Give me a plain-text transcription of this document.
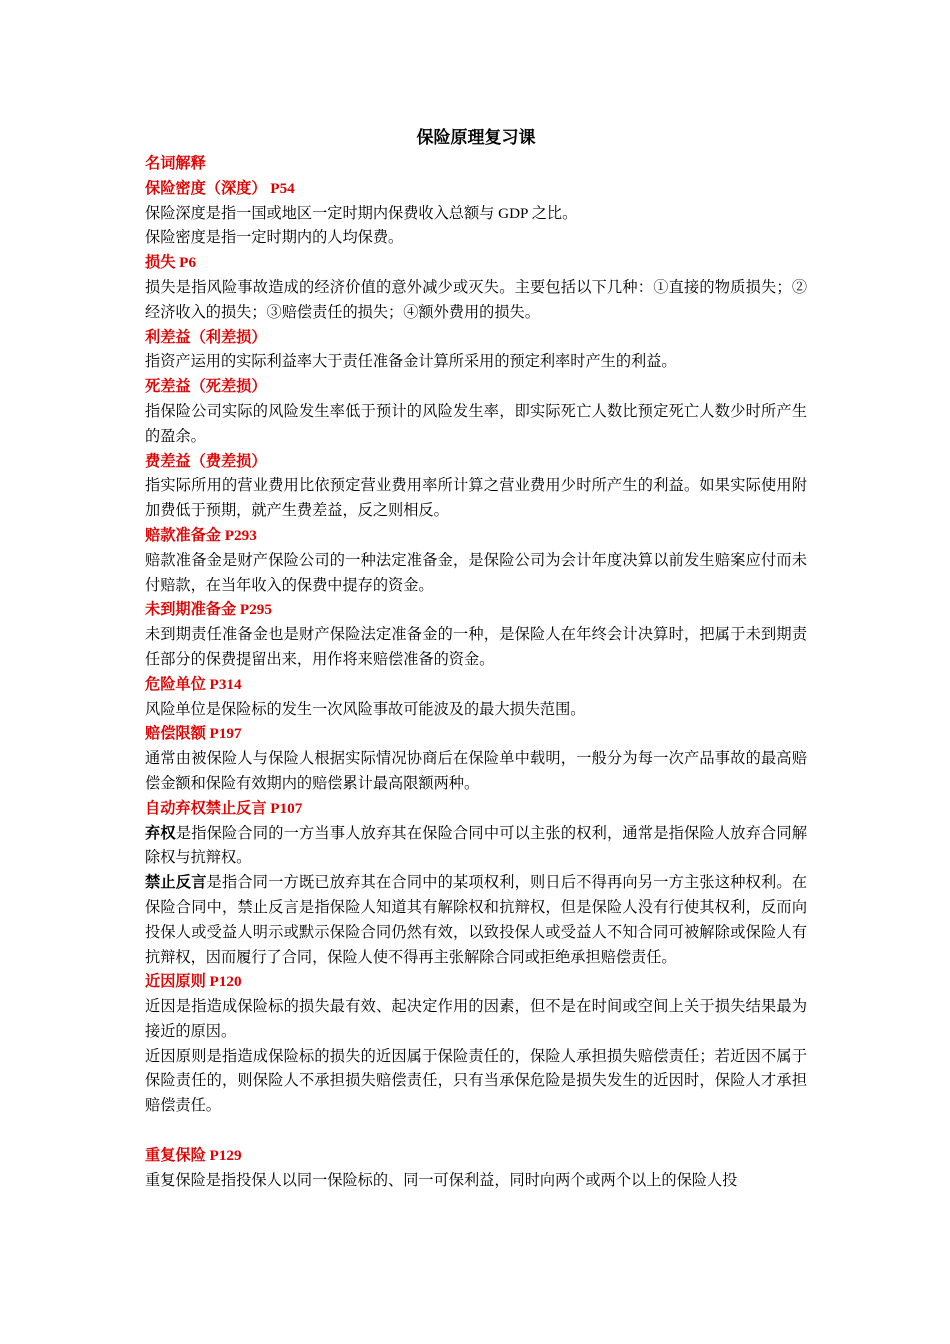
保险原理复习课
名词解释
保险密度（深度） P54
保险深度是指一国或地区一定时期内保费收入总额与 GDP 之比。
保险密度是指一定时期内的人均保费。
损失 P6
损失是指风险事故造成的经济价值的意外减少或灭失。主要包括以下几种：①直接的物质损失；②经济收入的损失；③赔偿责任的损失；④额外费用的损失。
利差益（利差损）
指资产运用的实际利益率大于责任准备金计算所采用的预定利率时产生的利益。
死差益（死差损）
指保险公司实际的风险发生率低于预计的风险发生率，即实际死亡人数比预定死亡人数少时所产生的盈余。
费差益（费差损）
指实际所用的营业费用比依预定营业费用率所计算之营业费用少时所产生的利益。如果实际使用附加费低于预期，就产生费差益，反之则相反。
赔款准备金 P293
赔款准备金是财产保险公司的一种法定准备金，是保险公司为会计年度决算以前发生赔案应付而未付赔款，在当年收入的保费中提存的资金。
未到期准备金 P295
未到期责任准备金也是财产保险法定准备金的一种，是保险人在年终会计决算时，把属于未到期责任部分的保费提留出来，用作将来赔偿准备的资金。
危险单位 P314
风险单位是保险标的发生一次风险事故可能波及的最大损失范围。
赔偿限额 P197
通常由被保险人与保险人根据实际情况协商后在保险单中载明，一般分为每一次产品事故的最高赔偿金额和保险有效期内的赔偿累计最高限额两种。
自动弃权禁止反言 P107
弃权是指保险合同的一方当事人放弃其在保险合同中可以主张的权利，通常是指保险人放弃合同解除权与抗辩权。
禁止反言是指合同一方既已放弃其在合同中的某项权利，则日后不得再向另一方主张这种权利。在保险合同中，禁止反言是指保险人知道其有解除权和抗辩权，但是保险人没有行使其权利，反而向投保人或受益人明示或默示保险合同仍然有效，以致投保人或受益人不知合同可被解除或保险人有抗辩权，因而履行了合同，保险人使不得再主张解除合同或拒绝承担赔偿责任。
近因原则 P120
近因是指造成保险标的损失最有效、起决定作用的因素，但不是在时间或空间上关于损失结果最为接近的原因。
近因原则是指造成保险标的损失的近因属于保险责任的，保险人承担损失赔偿责任；若近因不属于保险责任的，则保险人不承担损失赔偿责任，只有当承保危险是损失发生的近因时，保险人才承担赔偿责任。
重复保险 P129
重复保险是指投保人以同一保险标的、同一可保利益，同时向两个或两个以上的保险人投
